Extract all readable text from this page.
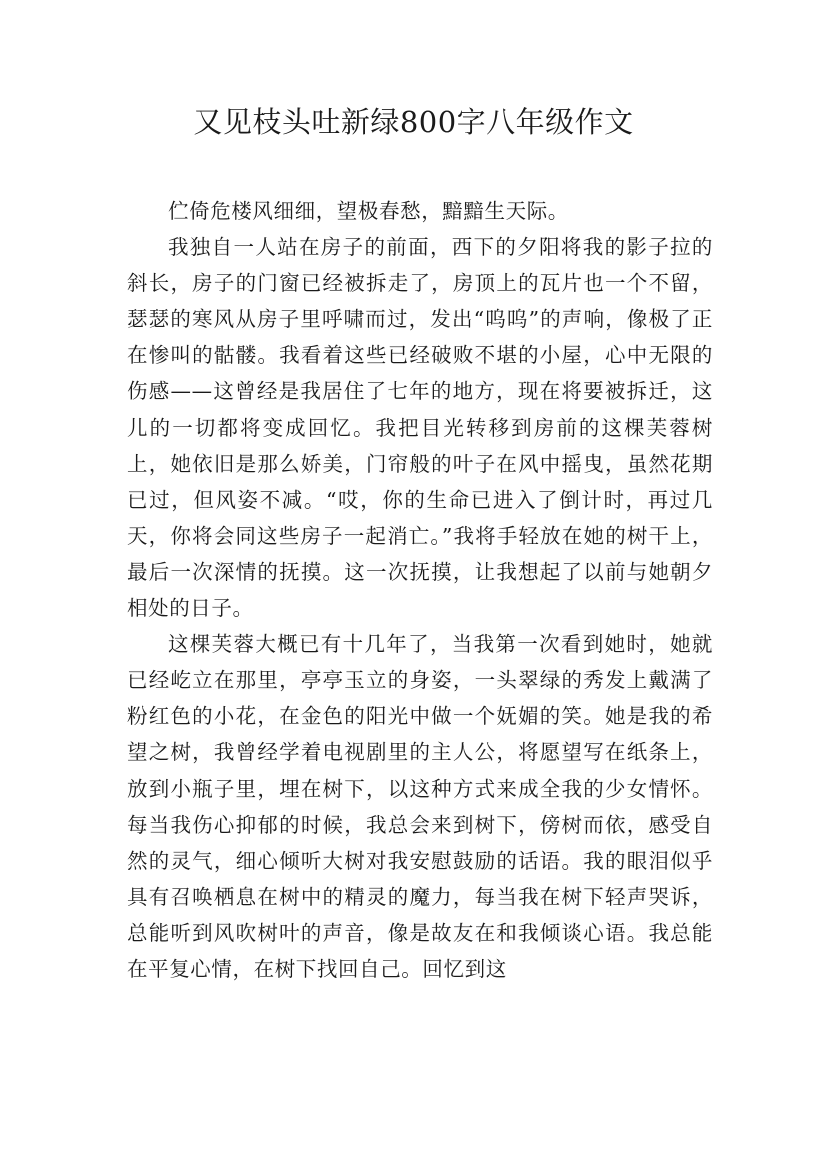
又见枝头吐新绿800字八年级作文

伫倚危楼风细细，望极春愁，黯黯生天际。

我独自一人站在房子的前面，西下的夕阳将我的影子拉的斜长，房子的门窗已经被拆走了，房顶上的瓦片也一个不留，瑟瑟的寒风从房子里呼啸而过，发出“呜呜”的声响，像极了正在惨叫的骷髅。我看着这些已经破败不堪的小屋，心中无限的伤感——这曾经是我居住了七年的地方，现在将要被拆迁，这儿的一切都将变成回忆。我把目光转移到房前的这棵芙蓉树上，她依旧是那么娇美，门帘般的叶子在风中摇曳，虽然花期已过，但风姿不减。“哎，你的生命已进入了倒计时，再过几天，你将会同这些房子一起消亡。”我将手轻放在她的树干上，最后一次深情的抚摸。这一次抚摸，让我想起了以前与她朝夕相处的日子。

这棵芙蓉大概已有十几年了，当我第一次看到她时，她就已经屹立在那里，亭亭玉立的身姿，一头翠绿的秀发上戴满了粉红色的小花，在金色的阳光中做一个妩媚的笑。她是我的希望之树，我曾经学着电视剧里的主人公，将愿望写在纸条上，放到小瓶子里，埋在树下，以这种方式来成全我的少女情怀。每当我伤心抑郁的时候，我总会来到树下，傍树而依，感受自然的灵气，细心倾听大树对我安慰鼓励的话语。我的眼泪似乎具有召唤栖息在树中的精灵的魔力，每当我在树下轻声哭诉，总能听到风吹树叶的声音，像是故友在和我倾谈心语。我总能在平复心情，在树下找回自己。回忆到这
